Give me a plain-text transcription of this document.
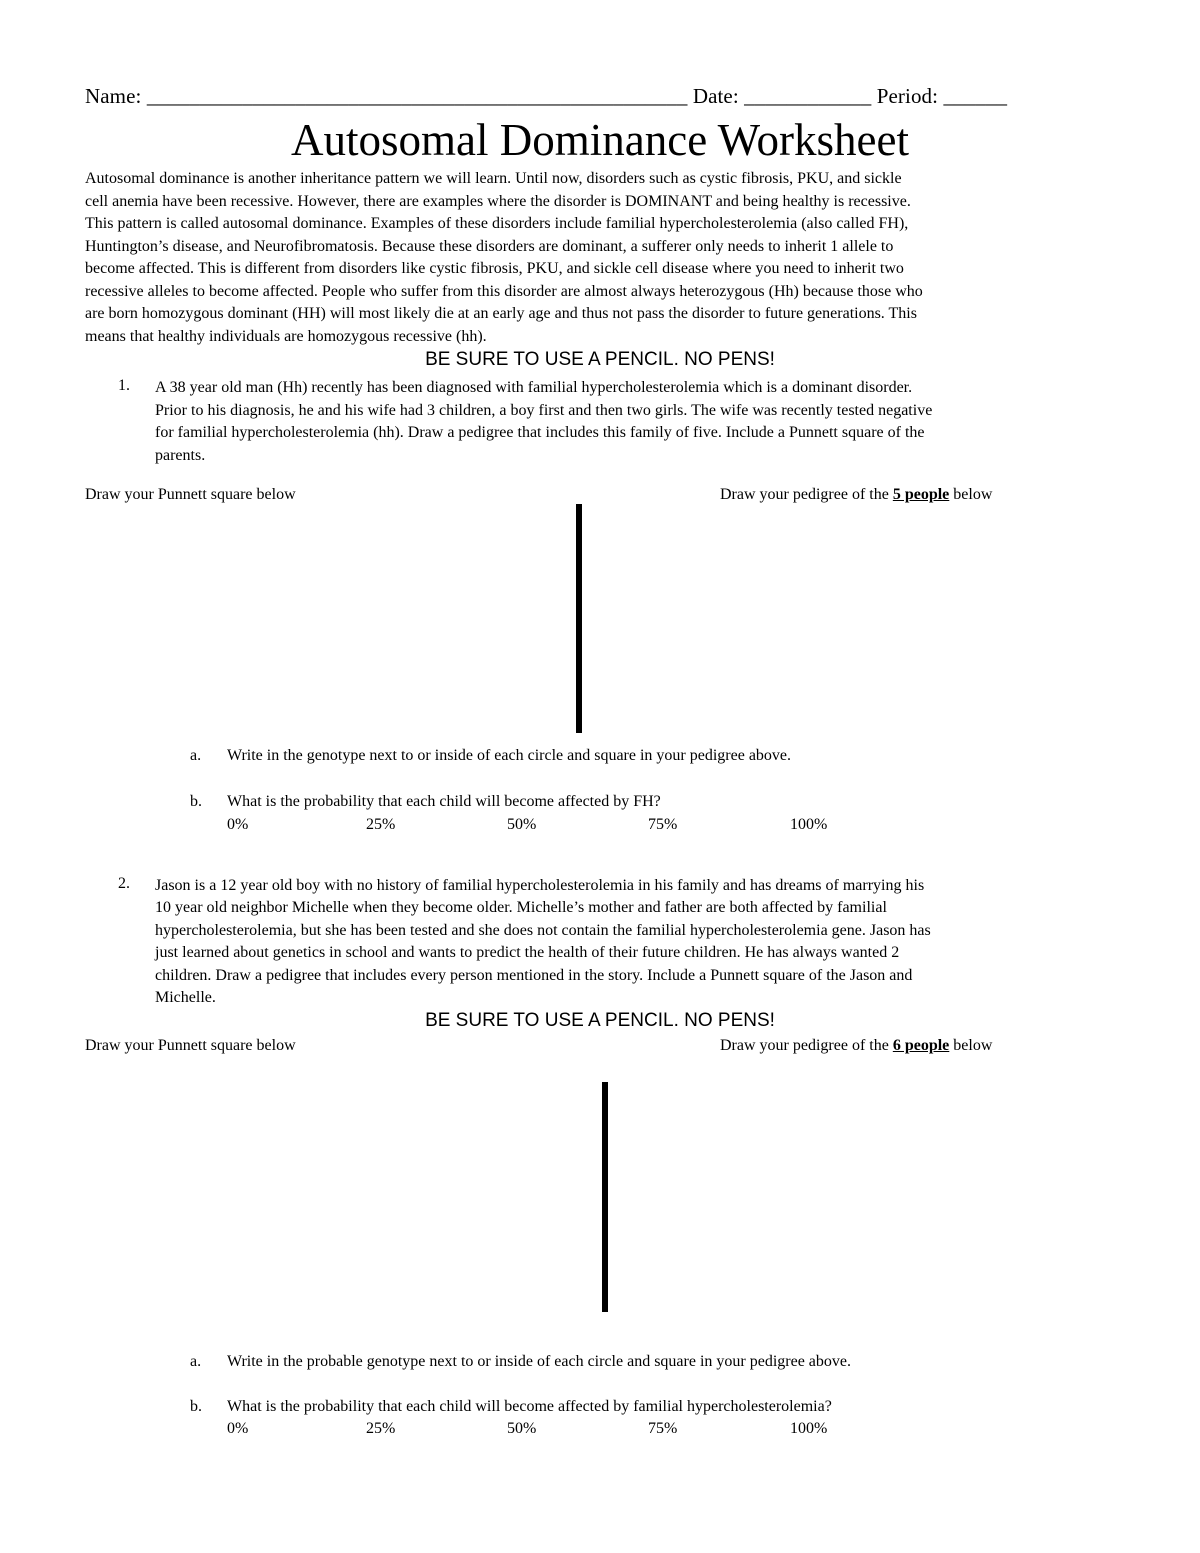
Name: ___________________________________________________ Date: ____________ Period: ______
Autosomal Dominance Worksheet
Autosomal dominance is another inheritance pattern we will learn. Until now, disorders such as cystic fibrosis, PKU, and sickle
cell anemia have been recessive. However, there are examples where the disorder is DOMINANT and being healthy is recessive.
This pattern is called autosomal dominance. Examples of these disorders include familial hypercholesterolemia (also called FH),
Huntington’s disease, and Neurofibromatosis. Because these disorders are dominant, a sufferer only needs to inherit 1 allele to
become affected. This is different from disorders like cystic fibrosis, PKU, and sickle cell disease where you need to inherit two
recessive alleles to become affected. People who suffer from this disorder are almost always heterozygous (Hh) because those who
are born homozygous dominant (HH) will most likely die at an early age and thus not pass the disorder to future generations. This
means that healthy individuals are homozygous recessive (hh).
BE SURE TO USE A PENCIL. NO PENS!
1. A 38 year old man (Hh) recently has been diagnosed with familial hypercholesterolemia which is a dominant disorder.
Prior to his diagnosis, he and his wife had 3 children, a boy first and then two girls. The wife was recently tested negative
for familial hypercholesterolemia (hh). Draw a pedigree that includes this family of five. Include a Punnett square of the
parents.
Draw your Punnett square below	Draw your pedigree of the 5 people below
a. Write in the genotype next to or inside of each circle and square in your pedigree above.
b. What is the probability that each child will become affected by FH?
0%	25%	50%	75%	100%
2. Jason is a 12 year old boy with no history of familial hypercholesterolemia in his family and has dreams of marrying his
10 year old neighbor Michelle when they become older. Michelle’s mother and father are both affected by familial
hypercholesterolemia, but she has been tested and she does not contain the familial hypercholesterolemia gene. Jason has
just learned about genetics in school and wants to predict the health of their future children. He has always wanted 2
children. Draw a pedigree that includes every person mentioned in the story. Include a Punnett square of the Jason and
Michelle.
BE SURE TO USE A PENCIL. NO PENS!
Draw your Punnett square below	Draw your pedigree of the 6 people below
a. Write in the probable genotype next to or inside of each circle and square in your pedigree above.
b. What is the probability that each child will become affected by familial hypercholesterolemia?
0%	25%	50%	75%	100%
